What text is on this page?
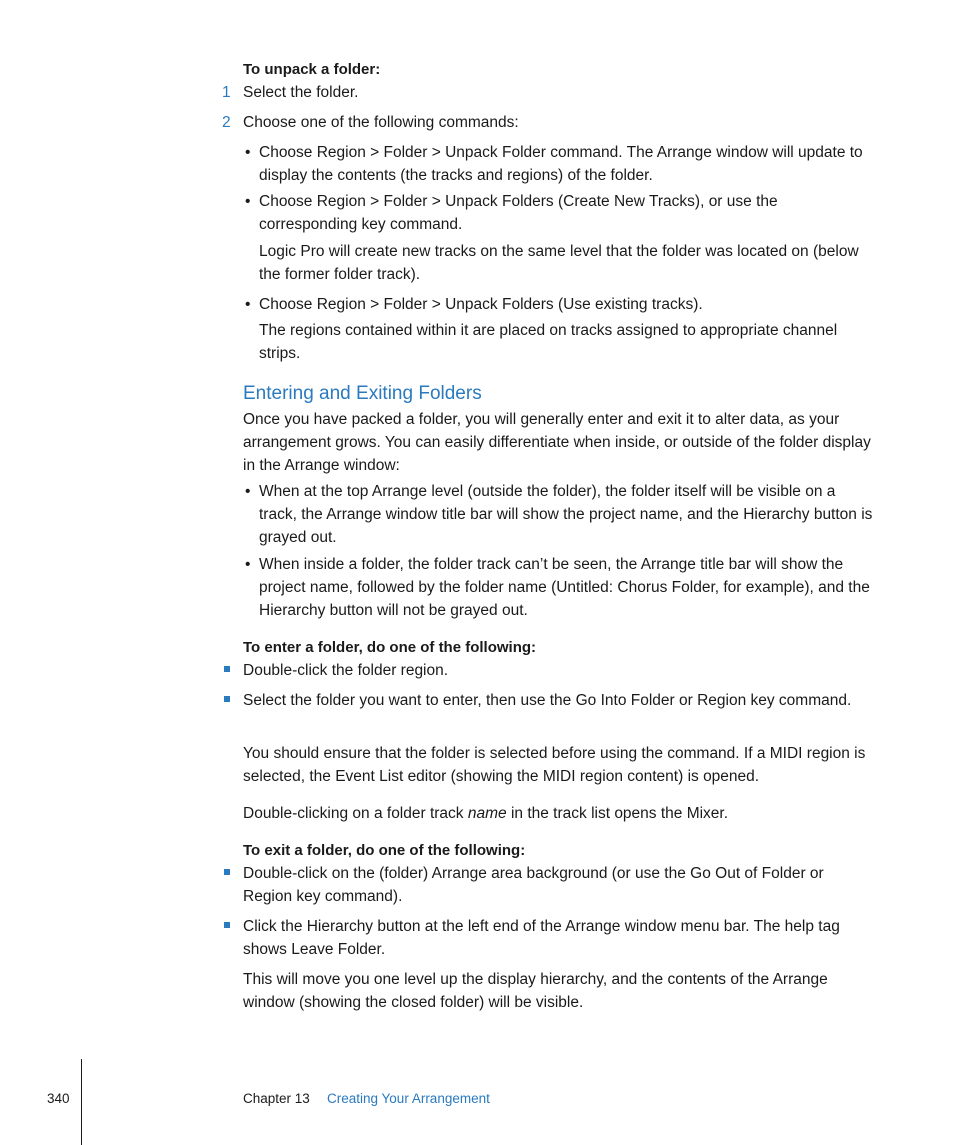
To unpack a folder:
1 Select the folder.
2 Choose one of the following commands:
• Choose Region > Folder > Unpack Folder command. The Arrange window will update to display the contents (the tracks and regions) of the folder.
• Choose Region > Folder > Unpack Folders (Create New Tracks), or use the corresponding key command.
Logic Pro will create new tracks on the same level that the folder was located on (below the former folder track).
• Choose Region > Folder > Unpack Folders (Use existing tracks).
The regions contained within it are placed on tracks assigned to appropriate channel strips.
Entering and Exiting Folders
Once you have packed a folder, you will generally enter and exit it to alter data, as your arrangement grows. You can easily differentiate when inside, or outside of the folder display in the Arrange window:
• When at the top Arrange level (outside the folder), the folder itself will be visible on a track, the Arrange window title bar will show the project name, and the Hierarchy button is grayed out.
• When inside a folder, the folder track can’t be seen, the Arrange title bar will show the project name, followed by the folder name (Untitled: Chorus Folder, for example), and the Hierarchy button will not be grayed out.
To enter a folder, do one of the following:
Double-click the folder region.
Select the folder you want to enter, then use the Go Into Folder or Region key command.
You should ensure that the folder is selected before using the command. If a MIDI region is selected, the Event List editor (showing the MIDI region content) is opened.
Double-clicking on a folder track name in the track list opens the Mixer.
To exit a folder, do one of the following:
Double-click on the (folder) Arrange area background (or use the Go Out of Folder or Region key command).
Click the Hierarchy button at the left end of the Arrange window menu bar. The help tag shows Leave Folder.
This will move you one level up the display hierarchy, and the contents of the Arrange window (showing the closed folder) will be visible.
340	Chapter 13 Creating Your Arrangement
